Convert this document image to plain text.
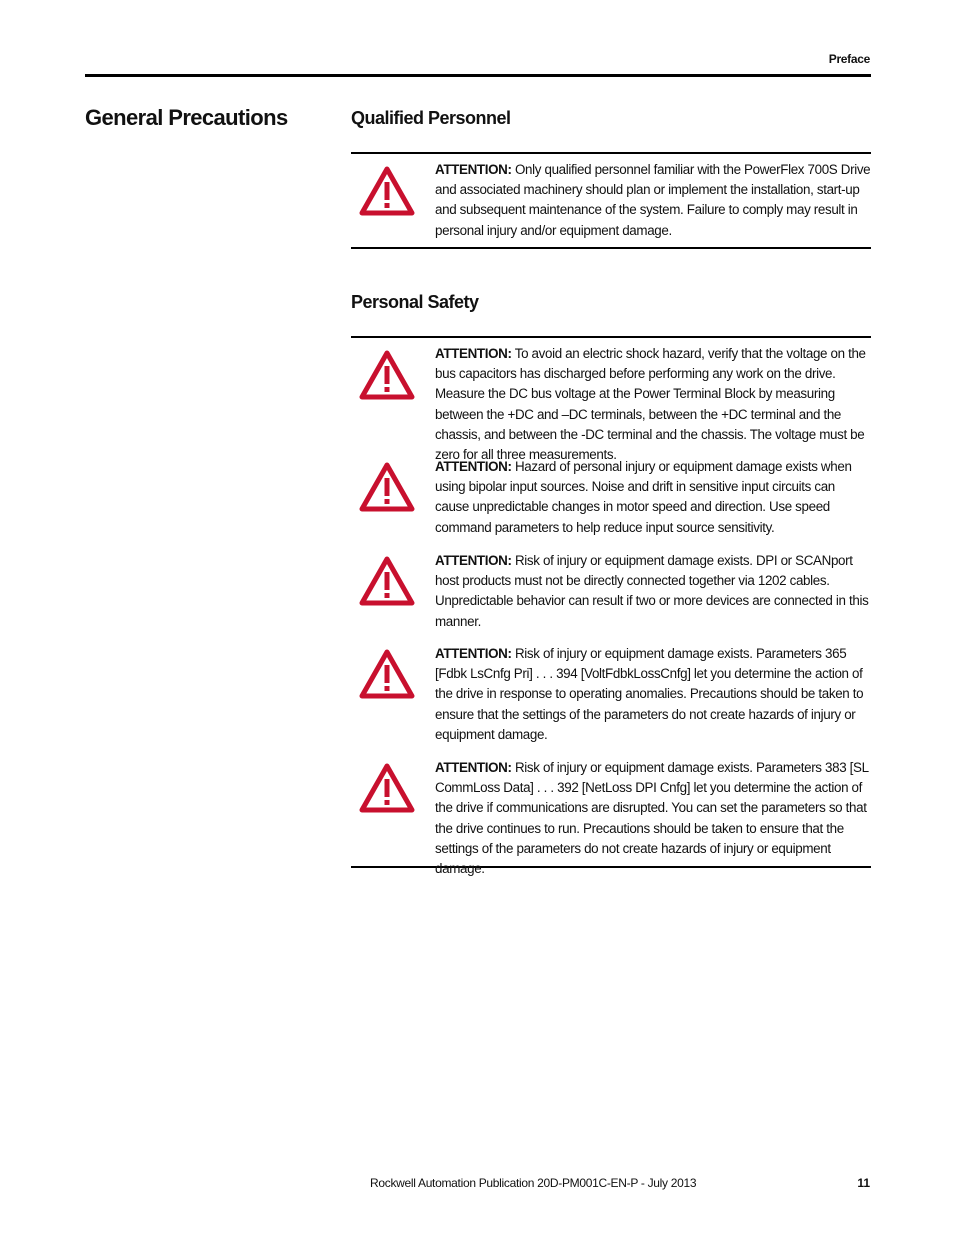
Preface
General Precautions	Qualified Personnel

ATTENTION: Only qualified personnel familiar with the PowerFlex 700S Drive and associated machinery should plan or implement the installation, start-up and subsequent maintenance of the system. Failure to comply may result in personal injury and/or equipment damage.

Personal Safety

ATTENTION: To avoid an electric shock hazard, verify that the voltage on the bus capacitors has discharged before performing any work on the drive. Measure the DC bus voltage at the Power Terminal Block by measuring between the +DC and –DC terminals, between the +DC terminal and the chassis, and between the -DC terminal and the chassis. The voltage must be zero for all three measurements.

ATTENTION: Hazard of personal injury or equipment damage exists when using bipolar input sources. Noise and drift in sensitive input circuits can cause unpredictable changes in motor speed and direction. Use speed command parameters to help reduce input source sensitivity.

ATTENTION: Risk of injury or equipment damage exists. DPI or SCANport host products must not be directly connected together via 1202 cables. Unpredictable behavior can result if two or more devices are connected in this manner.

ATTENTION: Risk of injury or equipment damage exists. Parameters 365 [Fdbk LsCnfg Pri] . . . 394 [VoltFdbkLossCnfg] let you determine the action of the drive in response to operating anomalies. Precautions should be taken to ensure that the settings of the parameters do not create hazards of injury or equipment damage.

ATTENTION: Risk of injury or equipment damage exists. Parameters 383 [SL CommLoss Data] . . . 392 [NetLoss DPI Cnfg] let you determine the action of the drive if communications are disrupted. You can set the parameters so that the drive continues to run. Precautions should be taken to ensure that the settings of the parameters do not create hazards of injury or equipment damage.

Rockwell Automation Publication 20D-PM001C-EN-P - July 2013	11
